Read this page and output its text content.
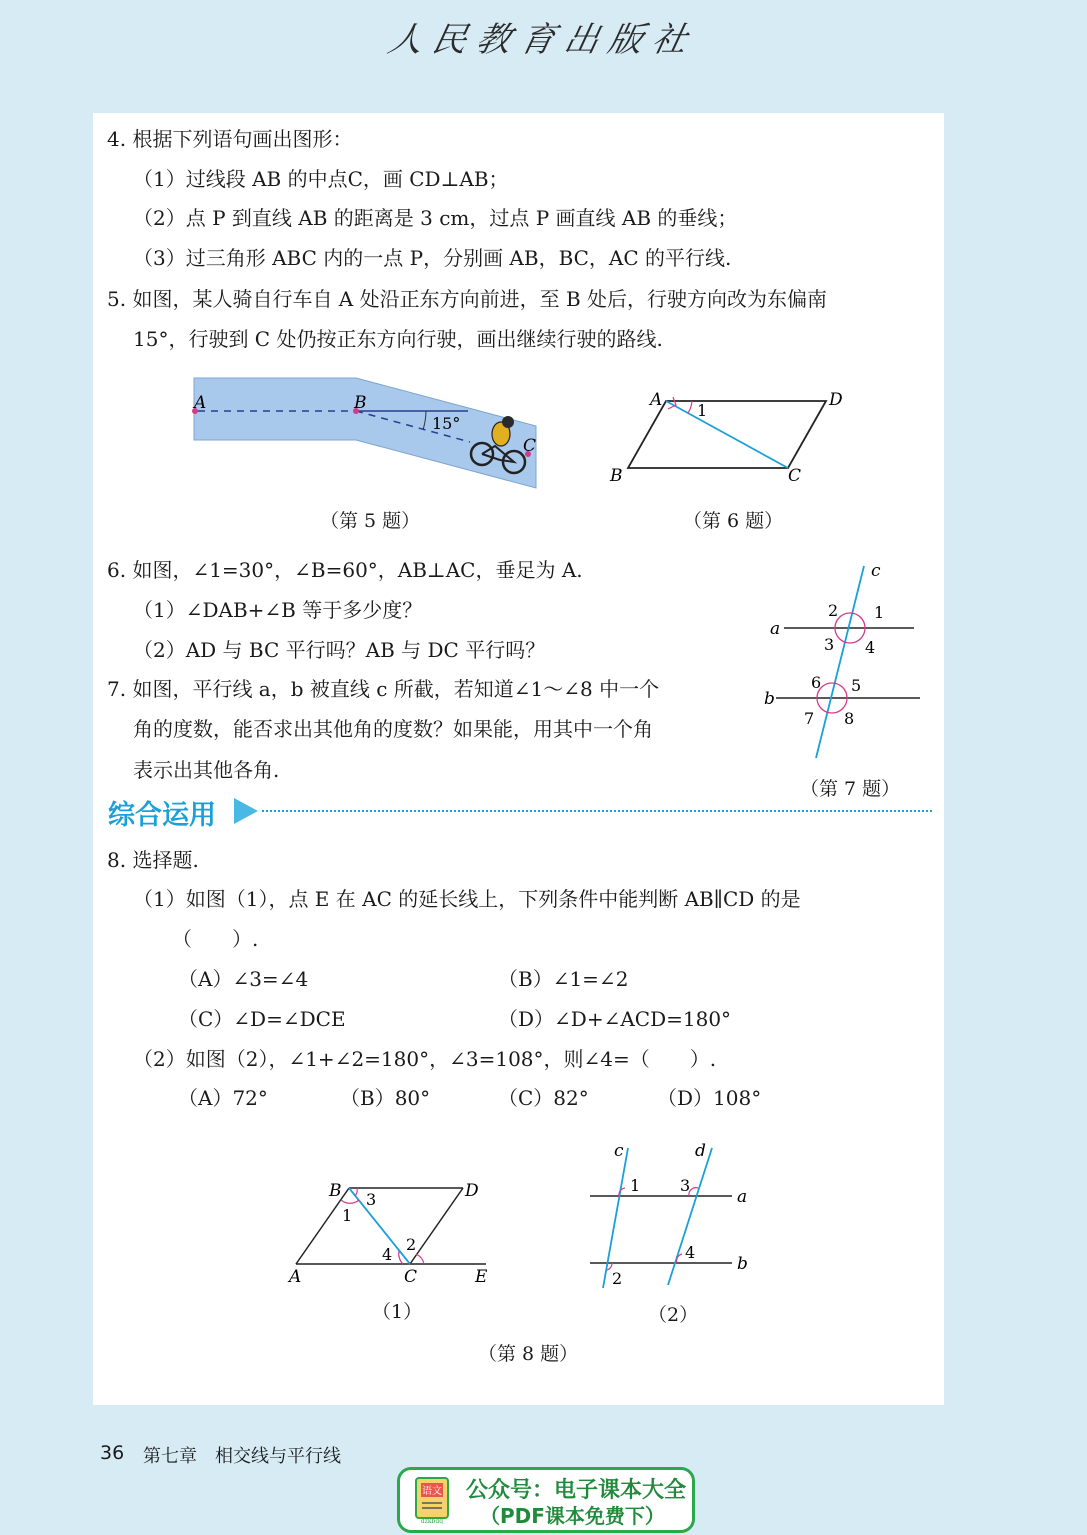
人民教育出版社
4. 根据下列语句画出图形：
（1）过线段 AB 的中点C，画 CD⊥AB；
（2）点 P 到直线 AB 的距离是 3 cm，过点 P 画直线 AB 的垂线；
（3）过三角形 ABC 内的一点 P，分别画 AB，BC，AC 的平行线.
5. 如图，某人骑自行车自 A 处沿正东方向前进，至 B 处后，行驶方向改为东偏南
15°，行驶到 C 处仍按正东方向行驶，画出继续行驶的路线.
A	B
C
15°
（第 5 题）
A	D
B	C
1
（第 6 题）
6. 如图，∠1=30°，∠B=60°，AB⊥AC，垂足为 A.
（1）∠DAB+∠B 等于多少度？
（2）AD 与 BC 平行吗？AB 与 DC 平行吗？
7. 如图，平行线 a，b 被直线 c 所截，若知道∠1～∠8 中一个
角的度数，能否求出其他角的度数？如果能，用其中一个角
表示出其他各角.
c
a
b
2 1
3 4
6 5
7 8
（第 7 题）
综合运用
8. 选择题.
（1）如图（1），点 E 在 AC 的延长线上，下列条件中能判断 AB∥CD 的是
（　　）.
（A）∠3=∠4	（B）∠1=∠2
（C）∠D=∠DCE	（D）∠D+∠ACD=180°
（2）如图（2），∠1+∠2=180°，∠3=108°，则∠4=（　　）.
（A）72°	（B）80°	（C）82°	（D）108°
B	D
A	C	E
1
3
4
2
（1）
c	d
a
b
1 3
4
2
（2）
（第 8 题）
36 第七章　相交线与平行线
语文
dzkbdq
公众号：电子课本大全
（PDF课本免费下）
